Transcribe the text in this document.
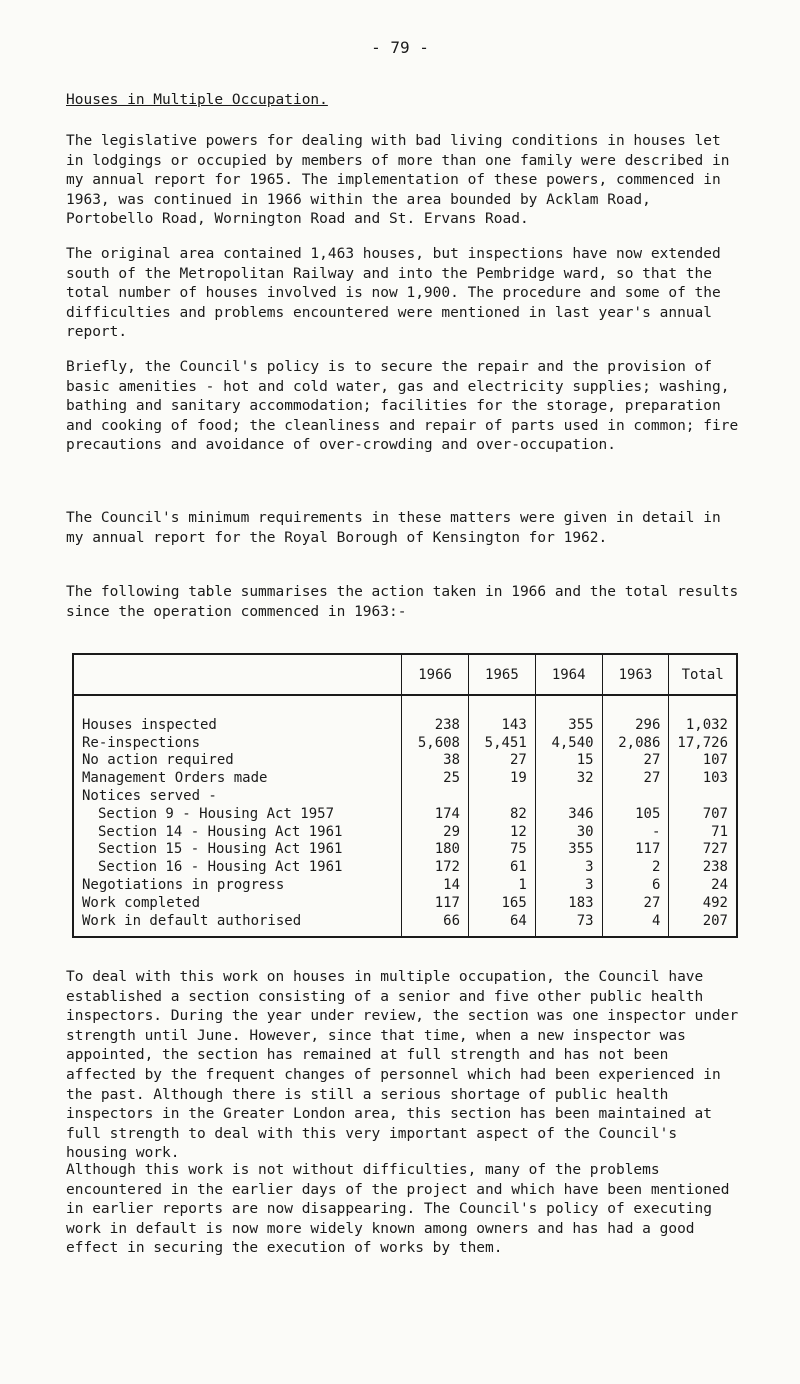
- 79 -
Houses in Multiple Occupation.

The legislative powers for dealing with bad living conditions in houses let in lodgings or occupied by members of more than one family were described in my annual report for 1965. The implementation of these powers, commenced in 1963, was continued in 1966 within the area bounded by Acklam Road, Portobello Road, Wornington Road and St. Ervans Road.

The original area contained 1,463 houses, but inspections have now extended south of the Metropolitan Railway and into the Pembridge ward, so that the total number of houses involved is now 1,900. The procedure and some of the difficulties and problems encountered were mentioned in last year's annual report.

Briefly, the Council's policy is to secure the repair and the provision of basic amenities - hot and cold water, gas and electricity supplies; washing, bathing and sanitary accommodation; facilities for the storage, preparation and cooking of food; the cleanliness and repair of parts used in common; fire precautions and avoidance of over-crowding and over-occupation.

The Council's minimum requirements in these matters were given in detail in my annual report for the Royal Borough of Kensington for 1962.

The following table summarises the action taken in 1966 and the total results since the operation commenced in 1963:-

	1966	1965	1964	1963	Total
Houses inspected	238	143	355	296	1,032
Re-inspections	5,608	5,451	4,540	2,086	17,726
No action required	38	27	15	27	107
Management Orders made	25	19	32	27	103
Notices served -					
Section 9 - Housing Act 1957	174	82	346	105	707
Section 14 - Housing Act 1961	29	12	30	-	71
Section 15 - Housing Act 1961	180	75	355	117	727
Section 16 - Housing Act 1961	172	61	3	2	238
Negotiations in progress	14	1	3	6	24
Work completed	117	165	183	27	492
Work in default authorised	66	64	73	4	207

To deal with this work on houses in multiple occupation, the Council have established a section consisting of a senior and five other public health inspectors. During the year under review, the section was one inspector under strength until June. However, since that time, when a new inspector was appointed, the section has remained at full strength and has not been affected by the frequent changes of personnel which had been experienced in the past. Although there is still a serious shortage of public health inspectors in the Greater London area, this section has been maintained at full strength to deal with this very important aspect of the Council's housing work.

Although this work is not without difficulties, many of the problems encountered in the earlier days of the project and which have been mentioned in earlier reports are now disappearing. The Council's policy of executing work in default is now more widely known among owners and has had a good effect in securing the execution of works by them.
